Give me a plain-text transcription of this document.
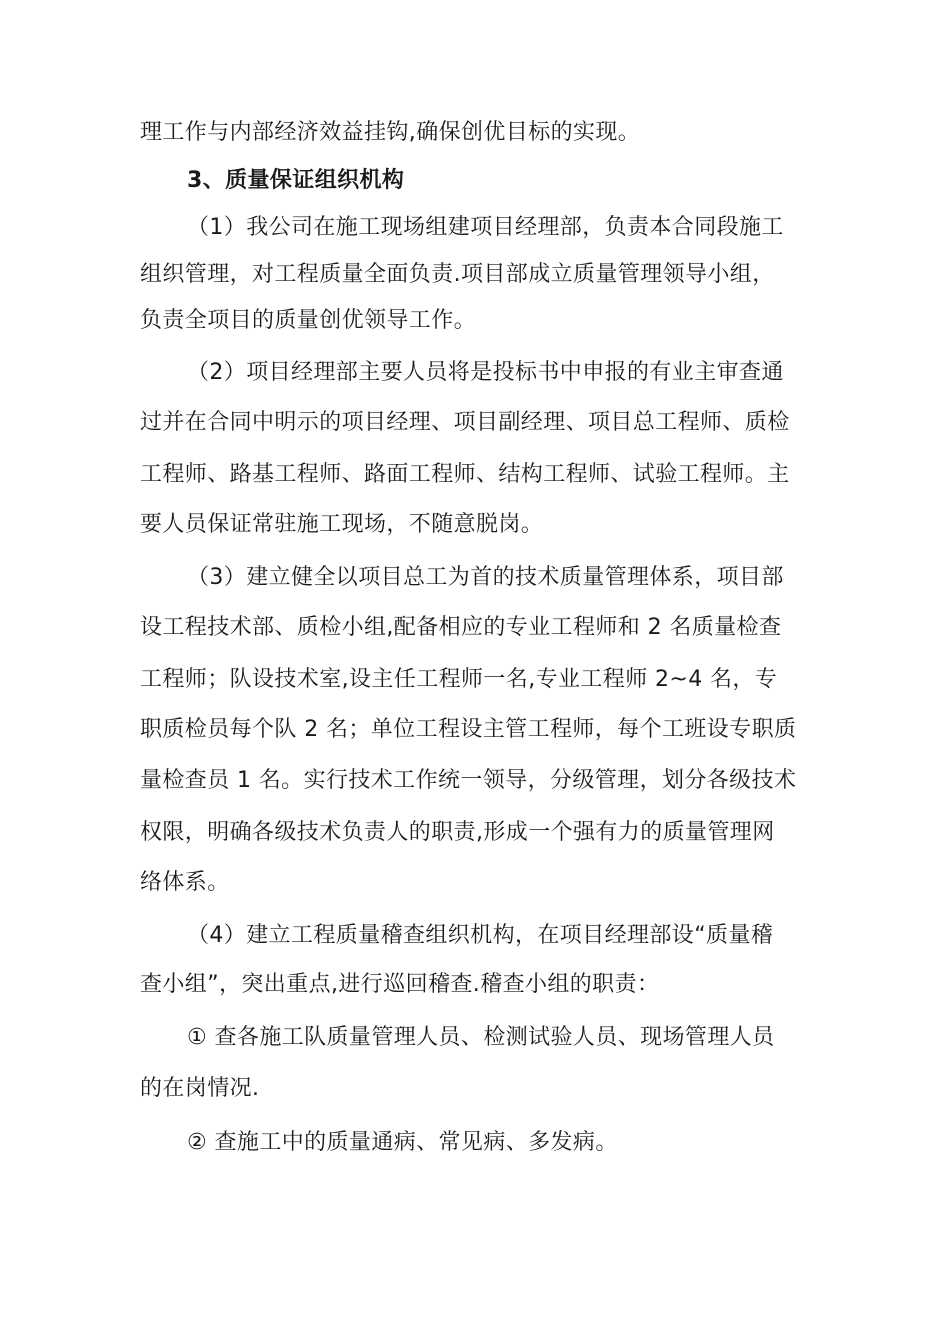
理工作与内部经济效益挂钩,确保创优目标的实现。
3、质量保证组织机构
（1）我公司在施工现场组建项目经理部，负责本合同段施工
组织管理，对工程质量全面负责.项目部成立质量管理领导小组，
负责全项目的质量创优领导工作。
（2）项目经理部主要人员将是投标书中申报的有业主审查通
过并在合同中明示的项目经理、项目副经理、项目总工程师、质检
工程师、路基工程师、路面工程师、结构工程师、试验工程师。主
要人员保证常驻施工现场，不随意脱岗。
（3）建立健全以项目总工为首的技术质量管理体系，项目部
设工程技术部、质检小组,配备相应的专业工程师和 2 名质量检查
工程师；队设技术室,设主任工程师一名,专业工程师 2~4 名，专
职质检员每个队 2 名；单位工程设主管工程师，每个工班设专职质
量检查员 1 名。实行技术工作统一领导，分级管理，划分各级技术
权限，明确各级技术负责人的职责,形成一个强有力的质量管理网
络体系。
（4）建立工程质量稽查组织机构，在项目经理部设“质量稽
查小组”，突出重点,进行巡回稽查.稽查小组的职责：
① 查各施工队质量管理人员、检测试验人员、现场管理人员
的在岗情况.
② 查施工中的质量通病、常见病、多发病。
